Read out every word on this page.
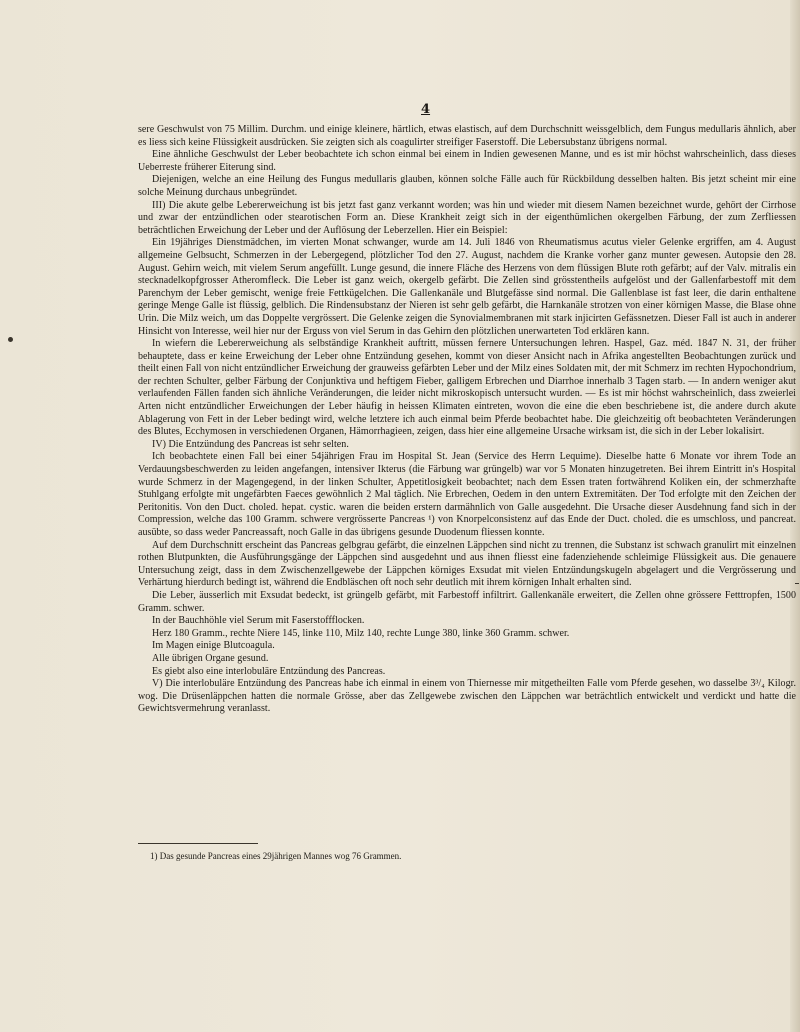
4

sere Geschwulst von 75 Millim. Durchm. und einige kleinere, härtlich, etwas elastisch, auf dem Durchschnitt weissgelblich, dem Fungus medullaris ähnlich, aber es liess sich keine Flüssigkeit ausdrücken. Sie zeigten sich als coagulirter streifiger Faserstoff. Die Lebersubstanz übrigens normal.

Eine ähnliche Geschwulst der Leber beobachtete ich schon einmal bei einem in Indien gewesenen Manne, und es ist mir höchst wahrscheinlich, dass dieses Ueberreste früherer Eiterung sind.

Diejenigen, welche an eine Heilung des Fungus medullaris glauben, können solche Fälle auch für Rückbildung desselben halten. Bis jetzt scheint mir eine solche Meinung durchaus unbegründet.

III) Die akute gelbe Lebererweichung ist bis jetzt fast ganz verkannt worden; was hin und wieder mit diesem Namen bezeichnet wurde, gehört der Cirrhose und zwar der entzündlichen oder stearotischen Form an. Diese Krankheit zeigt sich in der eigenthümlichen okergelben Färbung, der zum Zerfliessen beträchtlichen Erweichung der Leber und der Auflösung der Leberzellen. Hier ein Beispiel:

Ein 19jähriges Dienstmädchen, im vierten Monat schwanger, wurde am 14. Juli 1846 von Rheumatismus acutus vieler Gelenke ergriffen, am 4. August allgemeine Gelbsucht, Schmerzen in der Lebergegend, plötzlicher Tod den 27. August, nachdem die Kranke vorher ganz munter gewesen. Autopsie den 28. August. Gehirn weich, mit vielem Serum angefüllt. Lunge gesund, die innere Fläche des Herzens von dem flüssigen Blute roth gefärbt; auf der Valv. mitralis ein stecknadelkopfgrosser Atheromfleck. Die Leber ist ganz weich, okergelb gefärbt. Die Zellen sind grösstentheils aufgelöst und der Gallenfarbestoff mit dem Parenchym der Leber gemischt, wenige freie Fettkügelchen. Die Gallenkanäle und Blutgefässe sind normal. Die Gallenblase ist fast leer, die darin enthaltene geringe Menge Galle ist flüssig, gelblich. Die Rindensubstanz der Nieren ist sehr gelb gefärbt, die Harnkanäle strotzen von einer körnigen Masse, die Blase ohne Urin. Die Milz weich, um das Doppelte vergrössert. Die Gelenke zeigen die Synovialmembranen mit stark injicirten Gefässnetzen. Dieser Fall ist auch in anderer Hinsicht von Interesse, weil hier nur der Erguss von viel Serum in das Gehirn den plötzlichen unerwarteten Tod erklären kann.

In wiefern die Lebererweichung als selbständige Krankheit auftritt, müssen fernere Untersuchungen lehren. Haspel, Gaz. méd. 1847 N. 31, der früher behauptete, dass er keine Erweichung der Leber ohne Entzündung gesehen, kommt von dieser Ansicht nach in Afrika angestellten Beobachtungen zurück und theilt einen Fall von nicht entzündlicher Erweichung der grauweiss gefärbten Leber und der Milz eines Soldaten mit, der mit Schmerz im rechten Hypochondrium, der rechten Schulter, gelber Färbung der Conjunktiva und heftigem Fieber, galligem Erbrechen und Diarrhoe innerhalb 3 Tagen starb. — In andern weniger akut verlaufenden Fällen fanden sich ähnliche Veränderungen, die leider nicht mikroskopisch untersucht wurden. — Es ist mir höchst wahrscheinlich, dass zweierlei Arten nicht entzündlicher Erweichungen der Leber häufig in heissen Klimaten eintreten, wovon die eine die eben beschriebene ist, die andere durch akute Ablagerung von Fett in der Leber bedingt wird, welche letztere ich auch einmal beim Pferde beobachtet habe. Die gleichzeitig oft beobachteten Veränderungen des Blutes, Ecchymosen in verschiedenen Organen, Hämorrhagieen, zeigen, dass hier eine allgemeine Ursache wirksam ist, die sich in der Leber lokalisirt.

IV) Die Entzündung des Pancreas ist sehr selten.

Ich beobachtete einen Fall bei einer 54jährigen Frau im Hospital St. Jean (Service des Herrn Lequime). Dieselbe hatte 6 Monate vor ihrem Tode an Verdauungsbeschwerden zu leiden angefangen, intensiver Ikterus (die Färbung war grüngelb) war vor 5 Monaten hinzugetreten. Bei ihrem Eintritt in's Hospital wurde Schmerz in der Magengegend, in der linken Schulter, Appetitlosigkeit beobachtet; nach dem Essen traten fortwährend Koliken ein, der schmerzhafte Stuhlgang erfolgte mit ungefärbten Faeces gewöhnlich 2 Mal täglich. Nie Erbrechen, Oedem in den untern Extremitäten. Der Tod erfolgte mit den Zeichen der Peritonitis. Von den Duct. choled. hepat. cystic. waren die beiden erstern darmähnlich von Galle ausgedehnt. Die Ursache dieser Ausdehnung fand sich in der Compression, welche das 100 Gramm. schwere vergrösserte Pancreas ¹) von Knorpelconsistenz auf das Ende der Duct. choled. die es umschloss, und pancreat. ausübte, so dass weder Pancreassaft, noch Galle in das übrigens gesunde Duodenum fliessen konnte.

Auf dem Durchschnitt erscheint das Pancreas gelbgrau gefärbt, die einzelnen Läppchen sind nicht zu trennen, die Substanz ist schwach granulirt mit einzelnen rothen Blutpunkten, die Ausführungsgänge der Läppchen sind ausgedehnt und aus ihnen fliesst eine fadenziehende schleimige Flüssigkeit aus. Die genauere Untersuchung zeigt, dass in dem Zwischenzellgewebe der Läppchen körniges Exsudat mit vielen Entzündungskugeln abgelagert und die Vergrösserung und Verhärtung hierdurch bedingt ist, während die Endbläschen oft noch sehr deutlich mit ihrem körnigen Inhalt erhalten sind.

Die Leber, äusserlich mit Exsudat bedeckt, ist grüngelb gefärbt, mit Farbestoff infiltrirt. Gallenkanäle erweitert, die Zellen ohne grössere Fetttropfen, 1500 Gramm. schwer.

In der Bauchhöhle viel Serum mit Faserstoffflocken.

Herz 180 Gramm., rechte Niere 145, linke 110, Milz 140, rechte Lunge 380, linke 360 Gramm. schwer.

Im Magen einige Blutcoagula.

Alle übrigen Organe gesund.

Es giebt also eine interlobuläre Entzündung des Pancreas.

V) Die interlobuläre Entzündung des Pancreas habe ich einmal in einem von Thiernesse mir mitgetheilten Falle vom Pferde gesehen, wo dasselbe 3³/₄ Kilogr. wog. Die Drüsenläppchen hatten die normale Grösse, aber das Zellgewebe zwischen den Läppchen war beträchtlich entwickelt und verdickt und hatte die Gewichtsvermehrung veranlasst.

1) Das gesunde Pancreas eines 29jährigen Mannes wog 76 Grammen.
